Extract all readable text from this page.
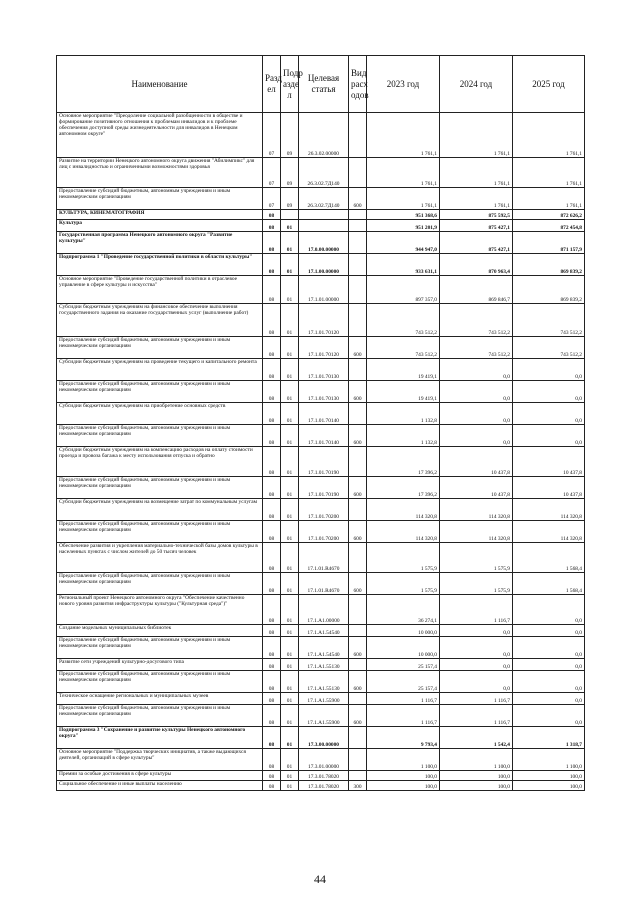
Наименование	Разд ел	Подр азде л	Целевая статья	Вид расх одов	2023 год	2024 год	2025 год
Основное мероприятие "Преодоление социальной разобщенности в обществе и формирование позитивного отношения к проблемам инвалидов и к проблеме обеспечения доступной среды жизнедеятельности для инвалидов в Ненецком автономном округе"	07	09	26.3.02.00000		1 761,1	1 761,1	1 761,1
Развитие на территории Ненецкого автономного округа движения "Абилимпикс" для лиц с инвалидностью и ограниченными возможностями здоровья	07	09	26.3.02.7Д140		1 761,1	1 761,1	1 761,1
Предоставление субсидий бюджетным, автономным учреждениям и иным некоммерческим организациям	07	09	26.3.02.7Д140	600	1 761,1	1 761,1	1 761,1
КУЛЬТУРА, КИНЕМАТОГРАФИЯ	08				951 368,6	875 592,5	872 626,2
Культура	08	01			951 201,9	875 427,1	872 454,8
Государственная программа Ненецкого автономного округа "Развитие культуры"	08	01	17.0.00.00000		944 947,0	875 427,1	871 157,9
Подпрограмма 1 "Проведение государственной политики в области культуры"	08	01	17.1.00.00000		933 631,1	870 963,4	869 839,2
Основное мероприятие "Проведение государственной политики в отраслевое управление в сфере культуры и искусства"	08	01	17.1.01.00000		897 357,0	869 846,7	869 839,2
Субсидии бюджетным учреждениям на финансовое обеспечение выполнения государственного задания на оказание государственных услуг (выполнение работ)	08	01	17.1.01.70120		743 512,2	743 512,2	743 512,2
Предоставление субсидий бюджетным, автономным учреждениям и иным некоммерческим организациям	08	01	17.1.01.70120	600	743 512,2	743 512,2	743 512,2
Субсидии бюджетным учреждениям на проведение текущего и капитального ремонта	08	01	17.1.01.70130		19 419,1	0,0	0,0
Предоставление субсидий бюджетным, автономным учреждениям и иным некоммерческим организациям	08	01	17.1.01.70130	600	19 419,1	0,0	0,0
Субсидии бюджетным учреждениям на приобретение основных средств	08	01	17.1.01.70140		1 132,8	0,0	0,0
Предоставление субсидий бюджетным, автономным учреждениям и иным некоммерческим организациям	08	01	17.1.01.70140	600	1 132,8	0,0	0,0
Субсидии бюджетным учреждениям на компенсацию расходов на оплату стоимости проезда и провоза багажа к месту использования отпуска и обратно	08	01	17.1.01.70190		17 396,2	10 437,8	10 437,8
Предоставление субсидий бюджетным, автономным учреждениям и иным некоммерческим организациям	08	01	17.1.01.70190	600	17 396,2	10 437,8	10 437,8
Субсидии бюджетным учреждениям на возмещение затрат по коммунальным услугам	08	01	17.1.01.70200		114 320,8	114 320,8	114 320,8
Предоставление субсидий бюджетным, автономным учреждениям и иным некоммерческим организациям	08	01	17.1.01.70200	600	114 320,8	114 320,8	114 320,8
Обеспечение развития и укрепления материально-технической базы домов культуры в населенных пунктах с числом жителей до 50 тысяч человек	08	01	17.1.01.R4670		1 575,9	1 575,9	1 568,4
Предоставление субсидий бюджетным, автономным учреждениям и иным некоммерческим организациям	08	01	17.1.01.R4670	600	1 575,9	1 575,9	1 568,4
Региональный проект Ненецкого автономного округа "Обеспечение качественно нового уровня развития инфраструктуры культуры ("Культурная среда")"	08	01	17.1.A1.00000		36 274,1	1 116,7	0,0
Создание модельных муниципальных библиотек	08	01	17.1.A1.54540		10 000,0	0,0	0,0
Предоставление субсидий бюджетным, автономным учреждениям и иным некоммерческим организациям	08	01	17.1.A1.54540	600	10 000,0	0,0	0,0
Развитие сети учреждений культурно-досугового типа	08	01	17.1.A1.55130		25 157,4	0,0	0,0
Предоставление субсидий бюджетным, автономным учреждениям и иным некоммерческим организациям	08	01	17.1.A1.55130	600	25 157,4	0,0	0,0
Техническое оснащение региональных и муниципальных музеев	08	01	17.1.A1.55900		1 116,7	1 116,7	0,0
Предоставление субсидий бюджетным, автономным учреждениям и иным некоммерческим организациям	08	01	17.1.A1.55900	600	1 116,7	1 116,7	0,0
Подпрограмма 3 "Сохранение и развитие культуры Ненецкого автономного округа"	08	01	17.3.00.00000		9 793,4	1 542,4	1 318,7
Основное мероприятие "Поддержка творческих инициатив, а также выдающихся деятелей, организаций в сфере культуры"	08	01	17.3.01.00000		1 100,0	1 100,0	1 100,0
Премии за особые достижения в сфере культуры	08	01	17.3.01.78020		100,0	100,0	100,0
Социальное обеспечение и иные выплаты населению	08	01	17.3.01.78020	300	100,0	100,0	100,0
44
